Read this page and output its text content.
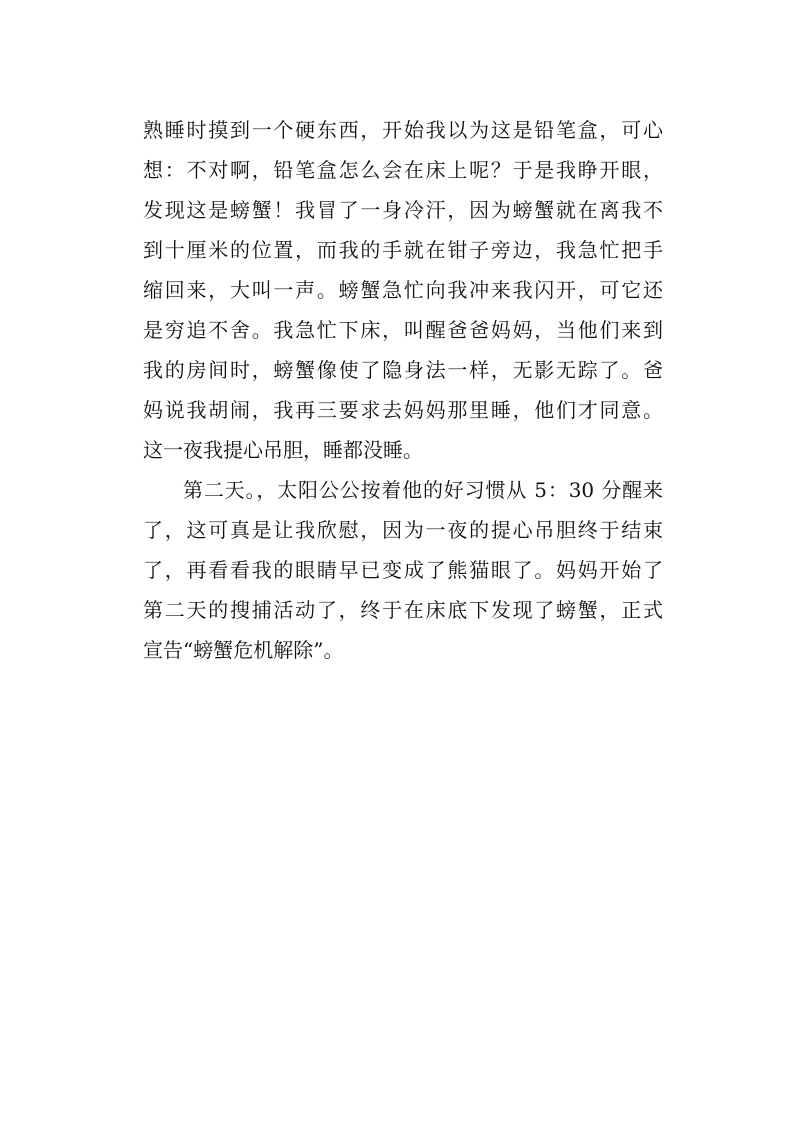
熟睡时摸到一个硬东西，开始我以为这是铅笔盒，可心
想：不对啊，铅笔盒怎么会在床上呢？于是我睁开眼，
发现这是螃蟹！我冒了一身冷汗，因为螃蟹就在离我不
到十厘米的位置，而我的手就在钳子旁边，我急忙把手
缩回来，大叫一声。螃蟹急忙向我冲来我闪开，可它还
是穷追不舍。我急忙下床，叫醒爸爸妈妈，当他们来到
我的房间时，螃蟹像使了隐身法一样，无影无踪了。爸
妈说我胡闹，我再三要求去妈妈那里睡，他们才同意。
这一夜我提心吊胆，睡都没睡。
第二天。，太阳公公按着他的好习惯从 5：30 分醒来
了，这可真是让我欣慰，因为一夜的提心吊胆终于结束
了，再看看我的眼睛早已变成了熊猫眼了。妈妈开始了
第二天的搜捕活动了，终于在床底下发现了螃蟹，正式
宣告“螃蟹危机解除”。
